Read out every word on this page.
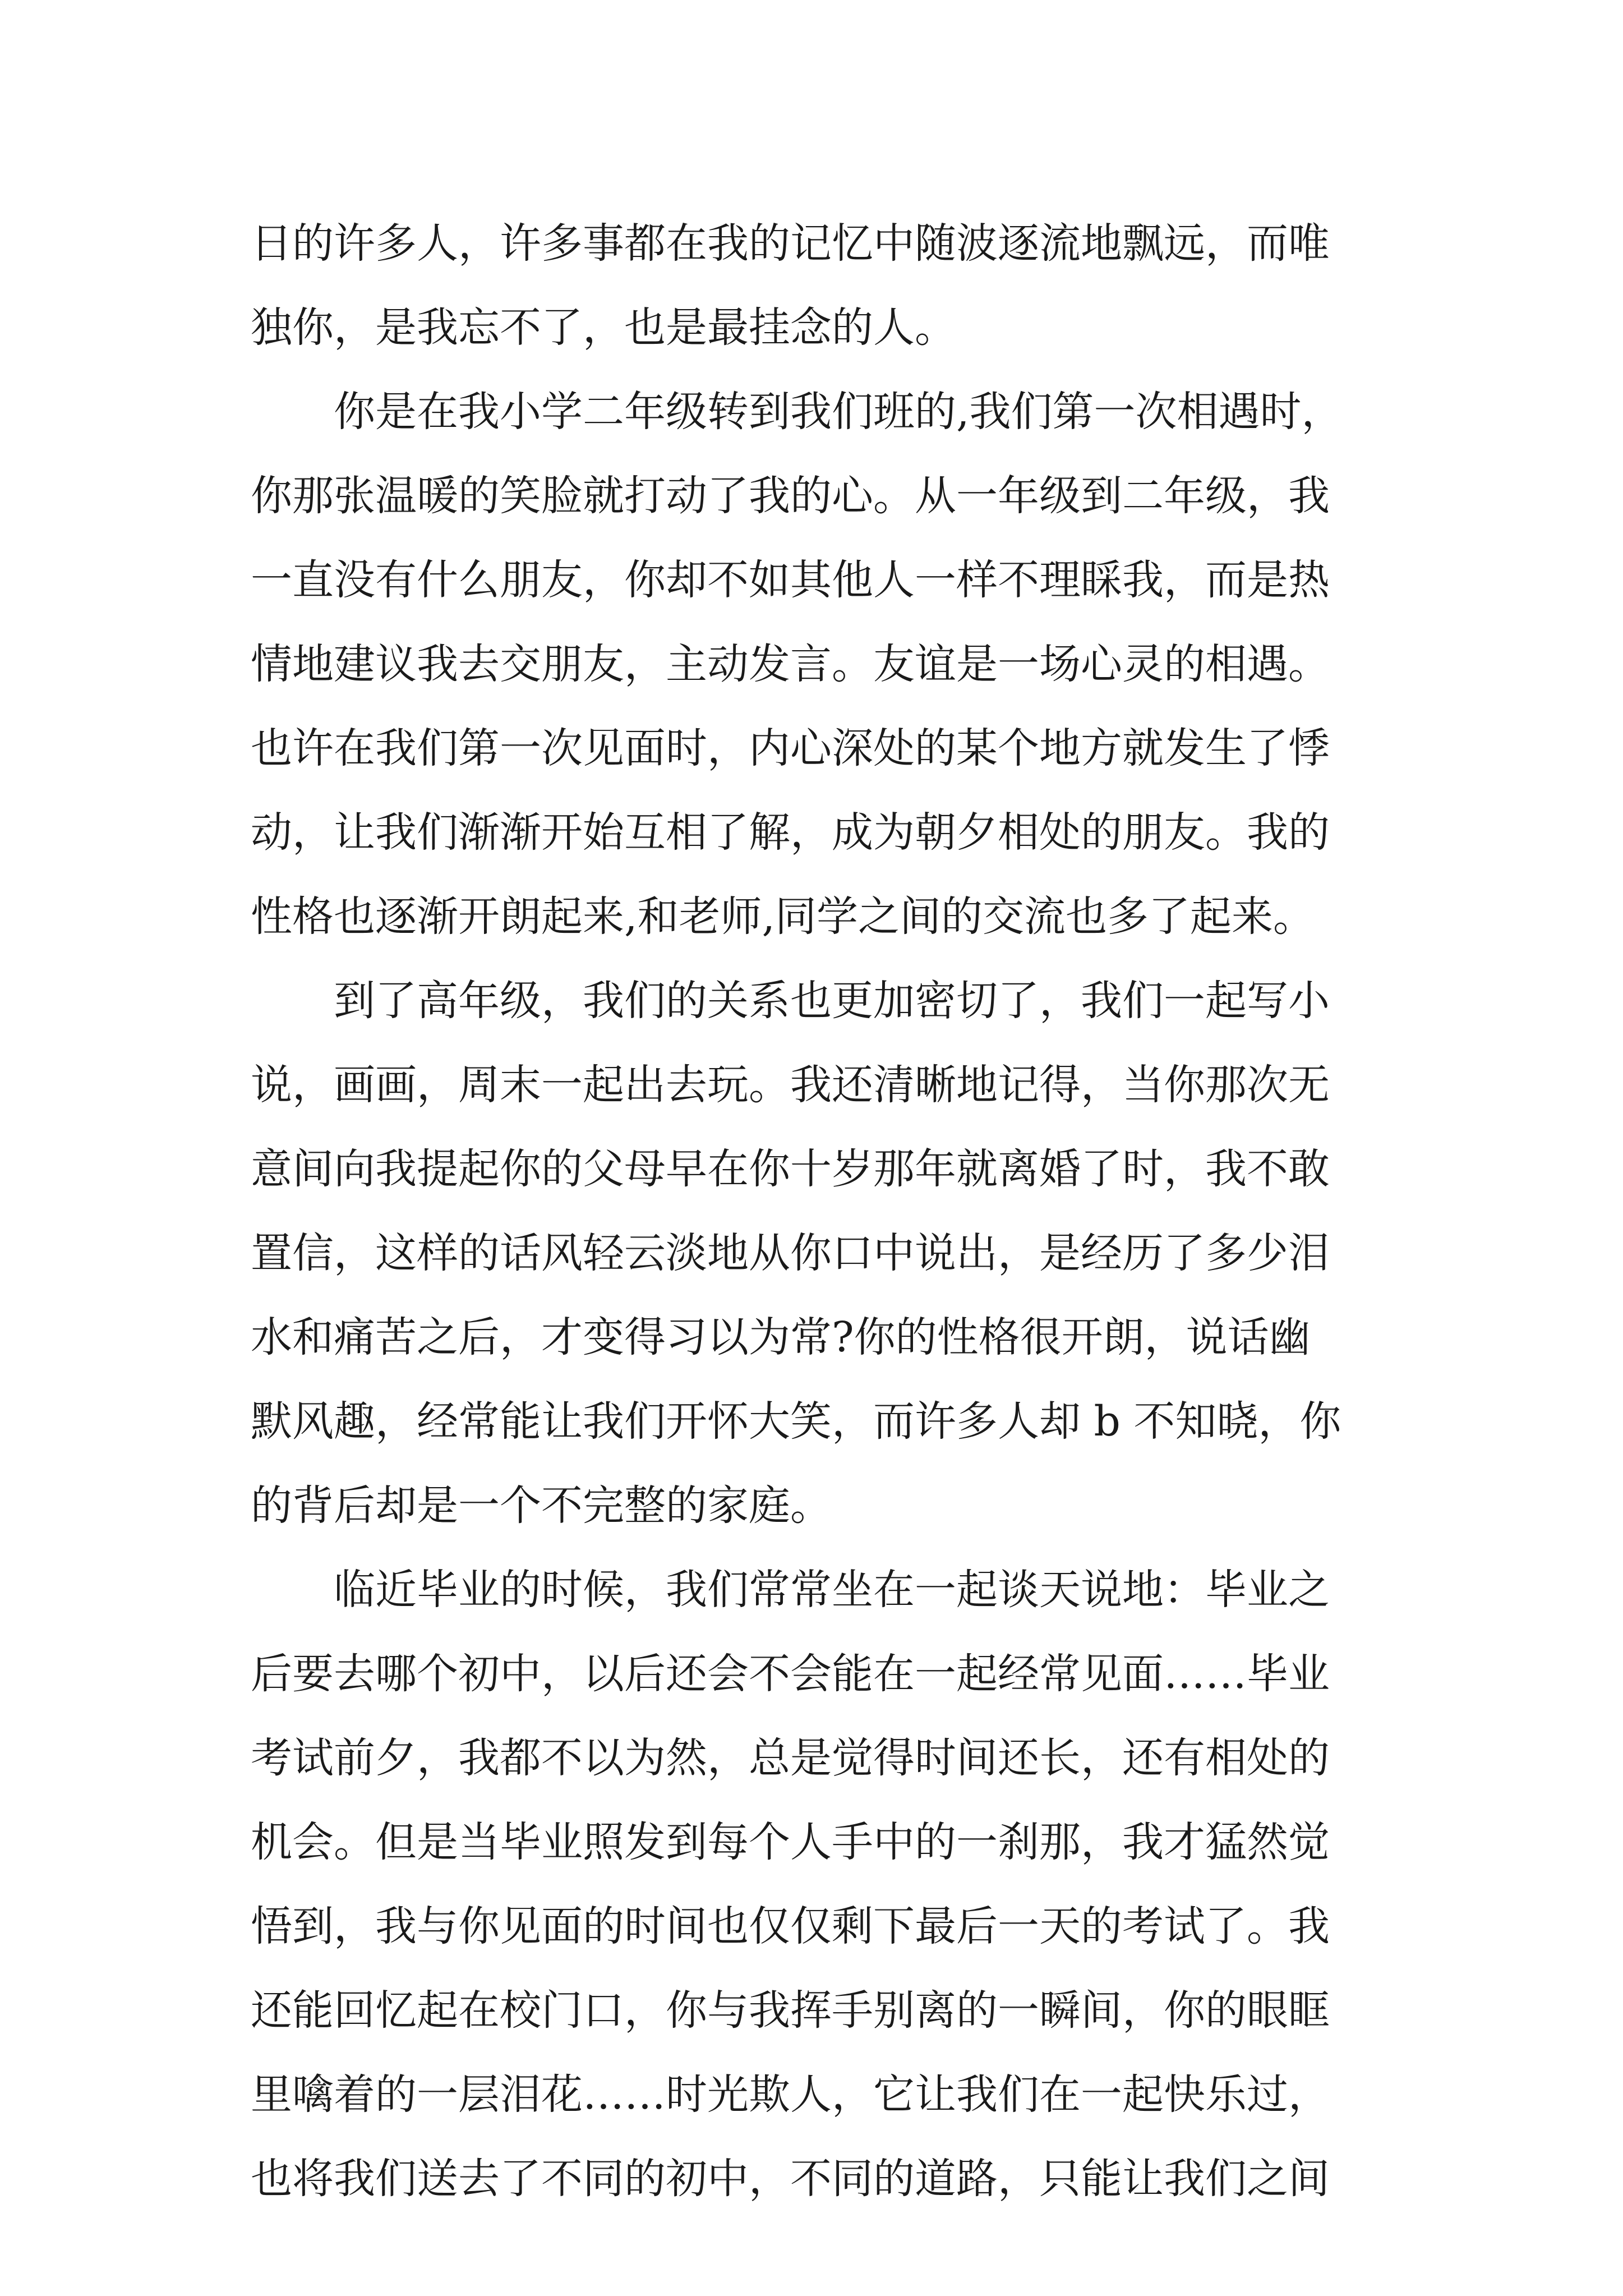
日的许多人，许多事都在我的记忆中随波逐流地飘远，而唯
独你，是我忘不了，也是最挂念的人。
你是在我小学二年级转到我们班的,我们第一次相遇时，
你那张温暖的笑脸就打动了我的心。从一年级到二年级，我
一直没有什么朋友，你却不如其他人一样不理睬我，而是热
情地建议我去交朋友，主动发言。友谊是一场心灵的相遇。
也许在我们第一次见面时，内心深处的某个地方就发生了悸
动，让我们渐渐开始互相了解，成为朝夕相处的朋友。我的
性格也逐渐开朗起来,和老师,同学之间的交流也多了起来。
到了高年级，我们的关系也更加密切了，我们一起写小
说，画画，周末一起出去玩。我还清晰地记得，当你那次无
意间向我提起你的父母早在你十岁那年就离婚了时，我不敢
置信，这样的话风轻云淡地从你口中说出，是经历了多少泪
水和痛苦之后，才变得习以为常?你的性格很开朗，说话幽
默风趣，经常能让我们开怀大笑，而许多人却 b 不知晓，你
的背后却是一个不完整的家庭。
临近毕业的时候，我们常常坐在一起谈天说地：毕业之
后要去哪个初中，以后还会不会能在一起经常见面……毕业
考试前夕，我都不以为然，总是觉得时间还长，还有相处的
机会。但是当毕业照发到每个人手中的一刹那，我才猛然觉
悟到，我与你见面的时间也仅仅剩下最后一天的考试了。我
还能回忆起在校门口，你与我挥手别离的一瞬间，你的眼眶
里噙着的一层泪花……时光欺人，它让我们在一起快乐过，
也将我们送去了不同的初中，不同的道路，只能让我们之间
